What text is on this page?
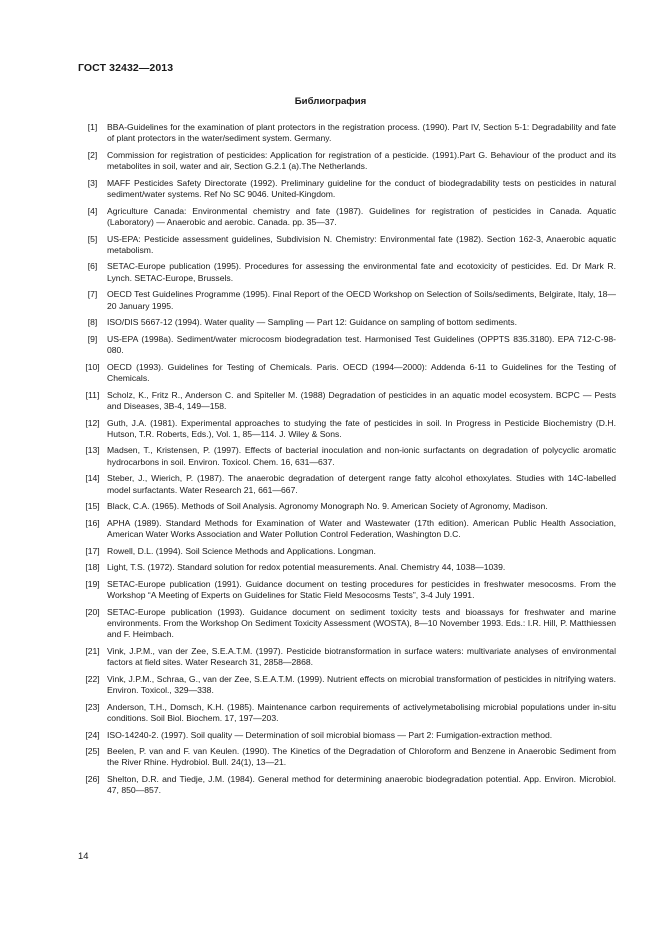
ГОСТ 32432—2013
Библиография
[1]	BBA-Guidelines for the examination of plant protectors in the registration process. (1990). Part IV, Section 5-1: Degradability and fate of plant protectors in the water/sediment system. Germany.
[2]	Commission for registration of pesticides: Application for registration of a pesticide. (1991).Part G. Behaviour of the product and its metabolites in soil, water and air, Section G.2.1 (a).The Netherlands.
[3]	MAFF Pesticides Safety Directorate (1992). Preliminary guideline for the conduct of biodegradability tests on pesticides in natural sediment/water systems. Ref No SC 9046. United-Kingdom.
[4]	Agriculture Canada: Environmental chemistry and fate (1987). Guidelines for registration of pesticides in Canada. Aquatic (Laboratory) — Anaerobic and aerobic. Canada. pp. 35—37.
[5]	US-EPA: Pesticide assessment guidelines, Subdivision N. Chemistry: Environmental fate (1982). Section 162-3, Anaerobic aquatic metabolism.
[6]	SETAC-Europe publication (1995). Procedures for assessing the environmental fate and ecotoxicity of pesticides. Ed. Dr Mark R. Lynch. SETAC-Europe, Brussels.
[7]	OECD Test Guidelines Programme (1995). Final Report of the OECD Workshop on Selection of Soils/sediments, Belgirate, Italy, 18—20 January 1995.
[8]	ISO/DIS 5667-12 (1994). Water quality — Sampling — Part 12: Guidance on sampling of bottom sediments.
[9]	US-EPA (1998a). Sediment/water microcosm biodegradation test. Harmonised Test Guidelines (OPPTS 835.3180). EPA 712-C-98-080.
[10] OECD (1993). Guidelines for Testing of Chemicals. Paris. OECD (1994—2000): Addenda 6-11 to Guidelines for the Testing of Chemicals.
[11] Scholz, K., Fritz R., Anderson C. and Spiteller M. (1988) Degradation of pesticides in an aquatic model ecosystem. BCPC — Pests and Diseases, 3B-4, 149—158.
[12] Guth, J.A. (1981). Experimental approaches to studying the fate of pesticides in soil. In Progress in Pesticide Biochemistry (D.H. Hutson, T.R. Roberts, Eds.), Vol. 1, 85—114. J. Wiley & Sons.
[13] Madsen, T., Kristensen, P. (1997). Effects of bacterial inoculation and non-ionic surfactants on degradation of polycyclic aromatic hydrocarbons in soil. Environ. Toxicol. Chem. 16, 631—637.
[14] Steber, J., Wierich, P. (1987). The anaerobic degradation of detergent range fatty alcohol ethoxylates. Studies with 14C-labelled model surfactants. Water Research 21, 661—667.
[15] Black, C.A. (1965). Methods of Soil Analysis. Agronomy Monograph No. 9. American Society of Agronomy, Madison.
[16] APHA (1989). Standard Methods for Examination of Water and Wastewater (17th edition). American Public Health Association, American Water Works Association and Water Pollution Control Federation, Washington D.C.
[17] Rowell, D.L. (1994). Soil Science Methods and Applications. Longman.
[18] Light, T.S. (1972). Standard solution for redox potential measurements. Anal. Chemistry 44, 1038—1039.
[19] SETAC-Europe publication (1991). Guidance document on testing procedures for pesticides in freshwater mesocosms. From the Workshop “A Meeting of Experts on Guidelines for Static Field Mesocosms Tests”, 3-4 July 1991.
[20] SETAC-Europe publication (1993). Guidance document on sediment toxicity tests and bioassays for freshwater and marine environments. From the Workshop On Sediment Toxicity Assessment (WOSTA), 8—10 November 1993. Eds.: I.R. Hill, P. Matthiessen and F. Heimbach.
[21] Vink, J.P.M., van der Zee, S.E.A.T.M. (1997). Pesticide biotransformation in surface waters: multivariate analyses of environmental factors at field sites. Water Research 31, 2858—2868.
[22] Vink, J.P.M., Schraa, G., van der Zee, S.E.A.T.M. (1999). Nutrient effects on microbial transformation of pesticides in nitrifying waters. Environ. Toxicol., 329—338.
[23] Anderson, T.H., Domsch, K.H. (1985). Maintenance carbon requirements of activelymetabolising microbial populations under in-situ conditions. Soil Biol. Biochem. 17, 197—203.
[24] ISO-14240-2. (1997). Soil quality — Determination of soil microbial biomass — Part 2: Fumigation-extraction method.
[25] Beelen, P. van and F. van Keulen. (1990). The Kinetics of the Degradation of Chloroform and Benzene in Anaerobic Sediment from the River Rhine. Hydrobiol. Bull. 24(1), 13—21.
[26] Shelton, D.R. and Tiedje, J.M. (1984). General method for determining anaerobic biodegradation potential. App. Environ. Microbiol. 47, 850—857.
14
